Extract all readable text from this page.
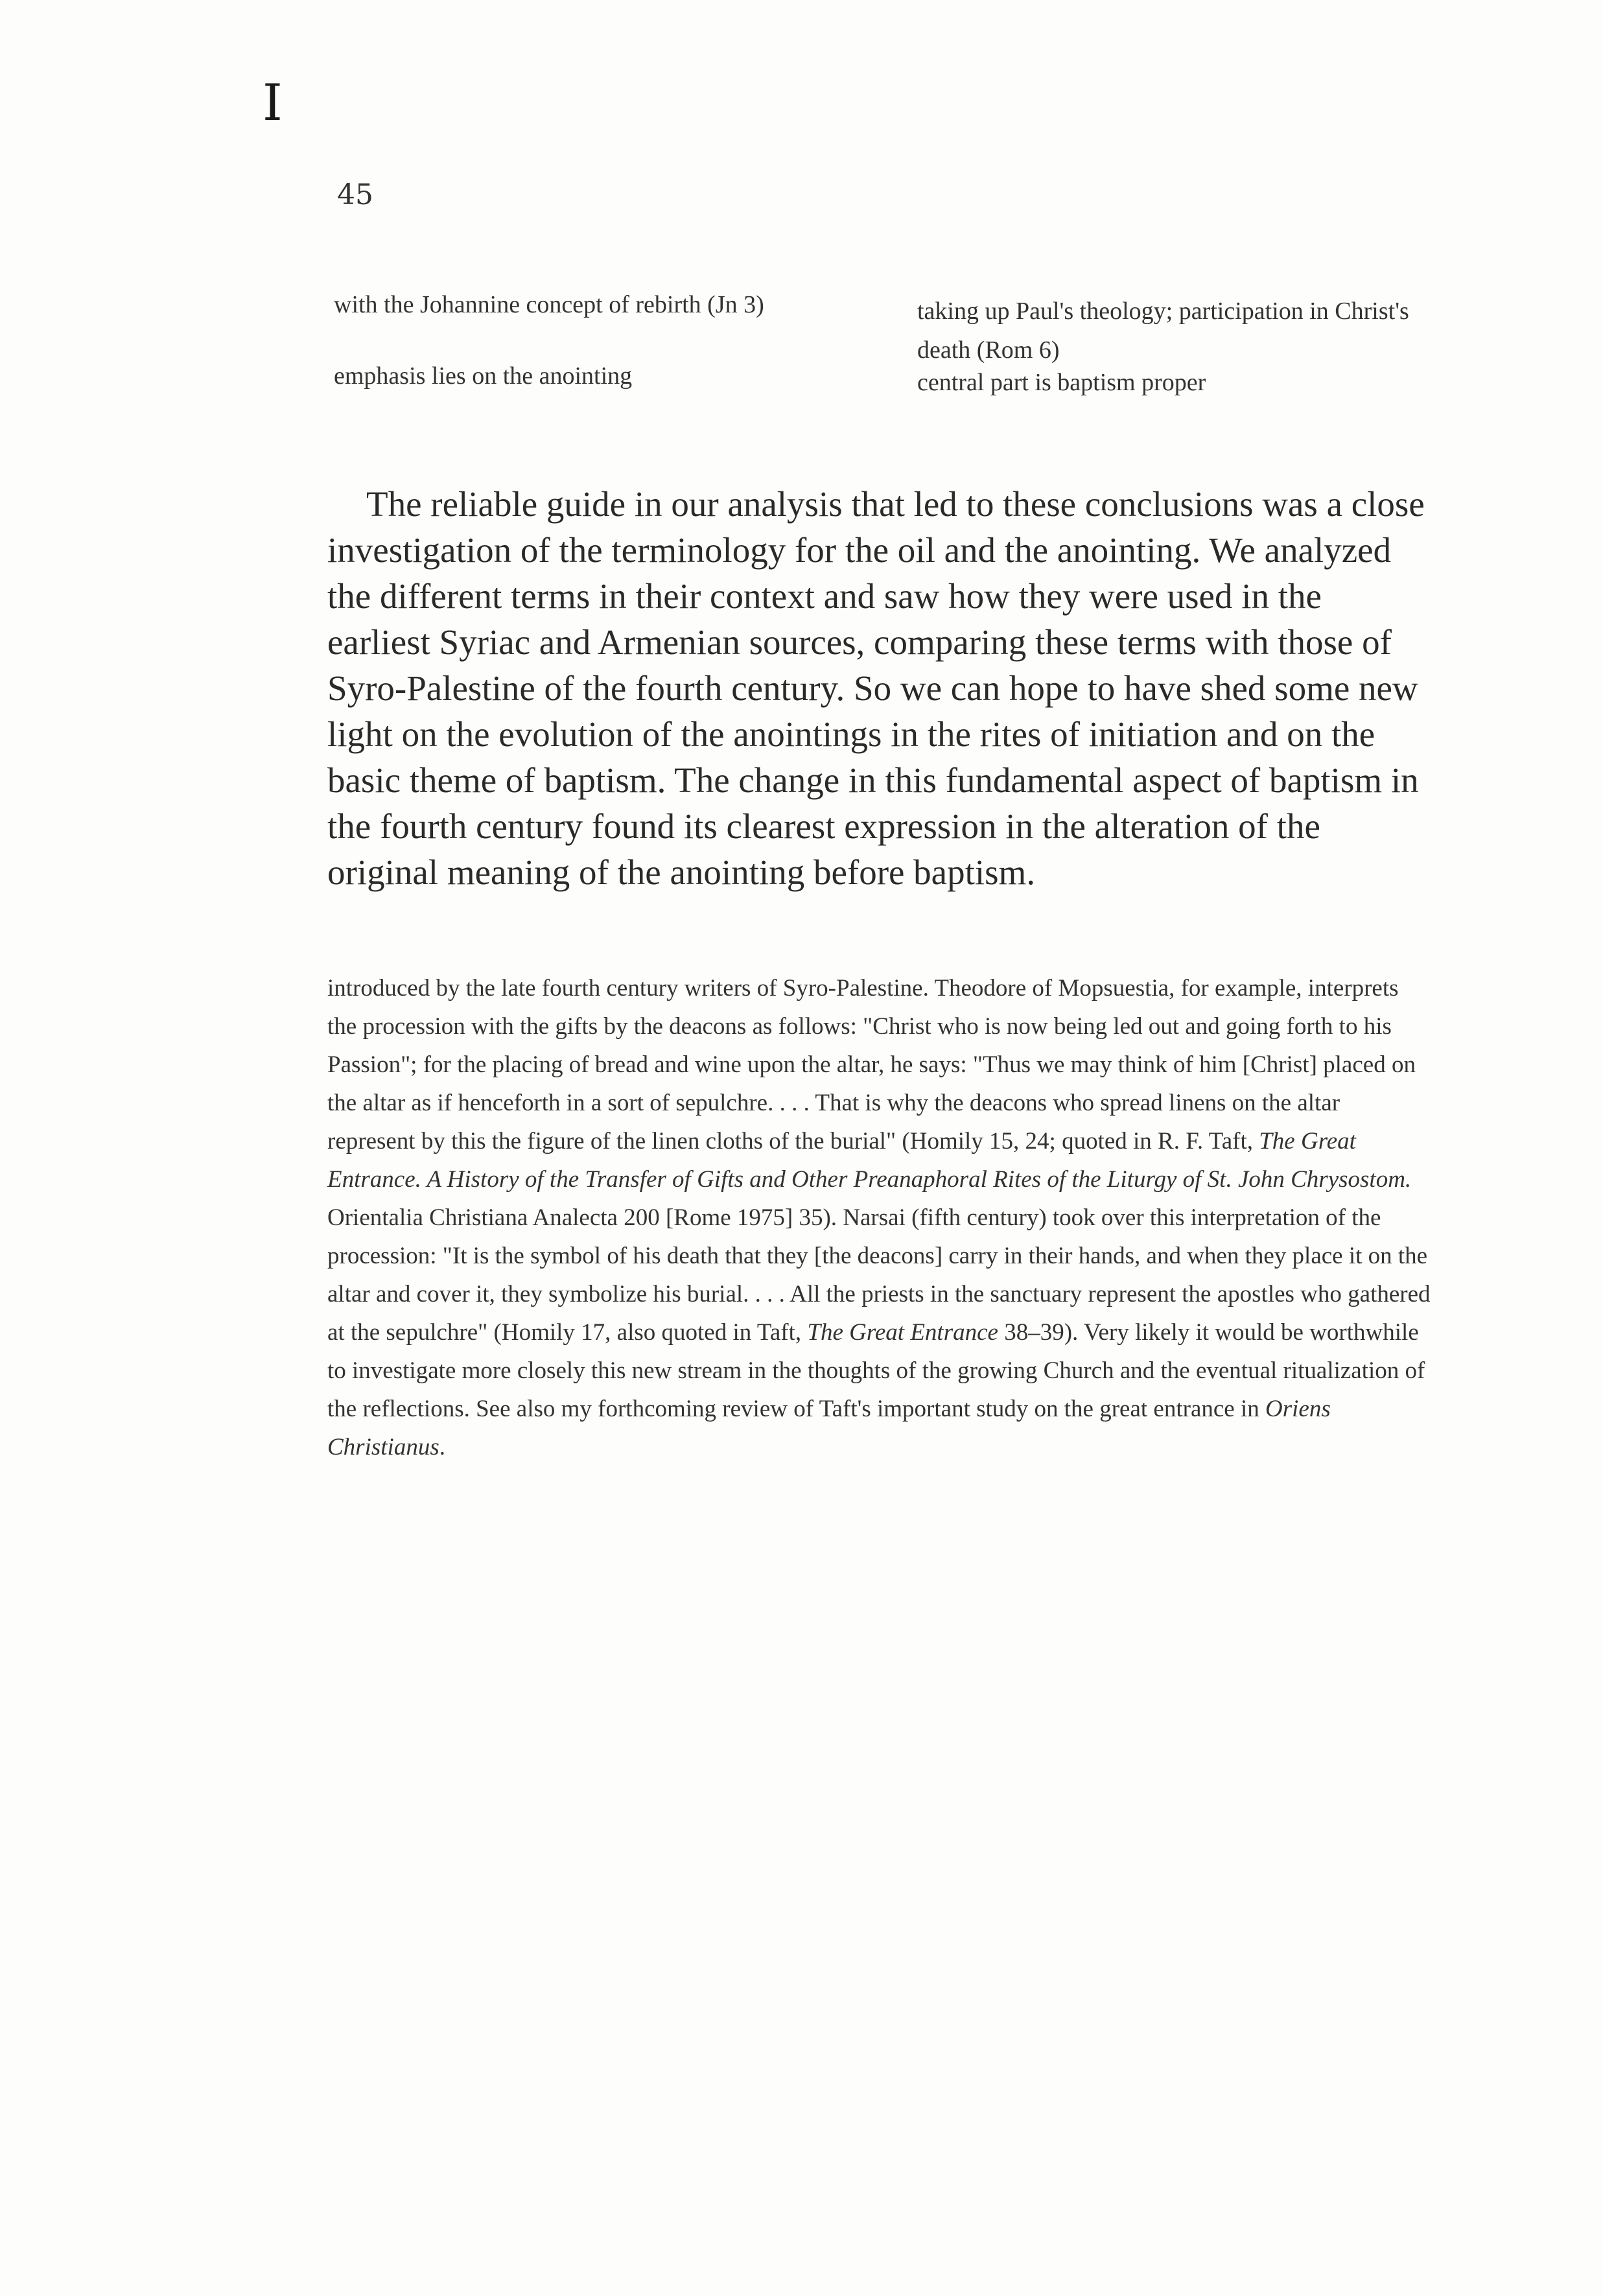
I
45
with the Johannine concept of rebirth (Jn 3)	taking up Paul's theology; participation in Christ's death (Rom 6)
emphasis lies on the anointing	central part is baptism proper

The reliable guide in our analysis that led to these conclusions was a close investigation of the terminology for the oil and the anointing. We analyzed the different terms in their context and saw how they were used in the earliest Syriac and Armenian sources, comparing these terms with those of Syro-Palestine of the fourth century. So we can hope to have shed some new light on the evolution of the anointings in the rites of initiation and on the basic theme of baptism. The change in this fundamental aspect of baptism in the fourth century found its clearest expression in the alteration of the original meaning of the anointing before baptism.

introduced by the late fourth century writers of Syro-Palestine. Theodore of Mopsuestia, for example, interprets the procession with the gifts by the deacons as follows: "Christ who is now being led out and going forth to his Passion"; for the placing of bread and wine upon the altar, he says: "Thus we may think of him [Christ] placed on the altar as if henceforth in a sort of sepulchre. . . . That is why the deacons who spread linens on the altar represent by this the figure of the linen cloths of the burial" (Homily 15, 24; quoted in R. F. Taft, The Great Entrance. A History of the Transfer of Gifts and Other Preanaphoral Rites of the Liturgy of St. John Chrysostom. Orientalia Christiana Analecta 200 [Rome 1975] 35). Narsai (fifth century) took over this interpretation of the procession: "It is the symbol of his death that they [the deacons] carry in their hands, and when they place it on the altar and cover it, they symbolize his burial. . . . All the priests in the sanctuary represent the apostles who gathered at the sepulchre" (Homily 17, also quoted in Taft, The Great Entrance 38–39). Very likely it would be worthwhile to investigate more closely this new stream in the thoughts of the growing Church and the eventual ritualization of the reflections. See also my forthcoming review of Taft's important study on the great entrance in Oriens Christianus.
